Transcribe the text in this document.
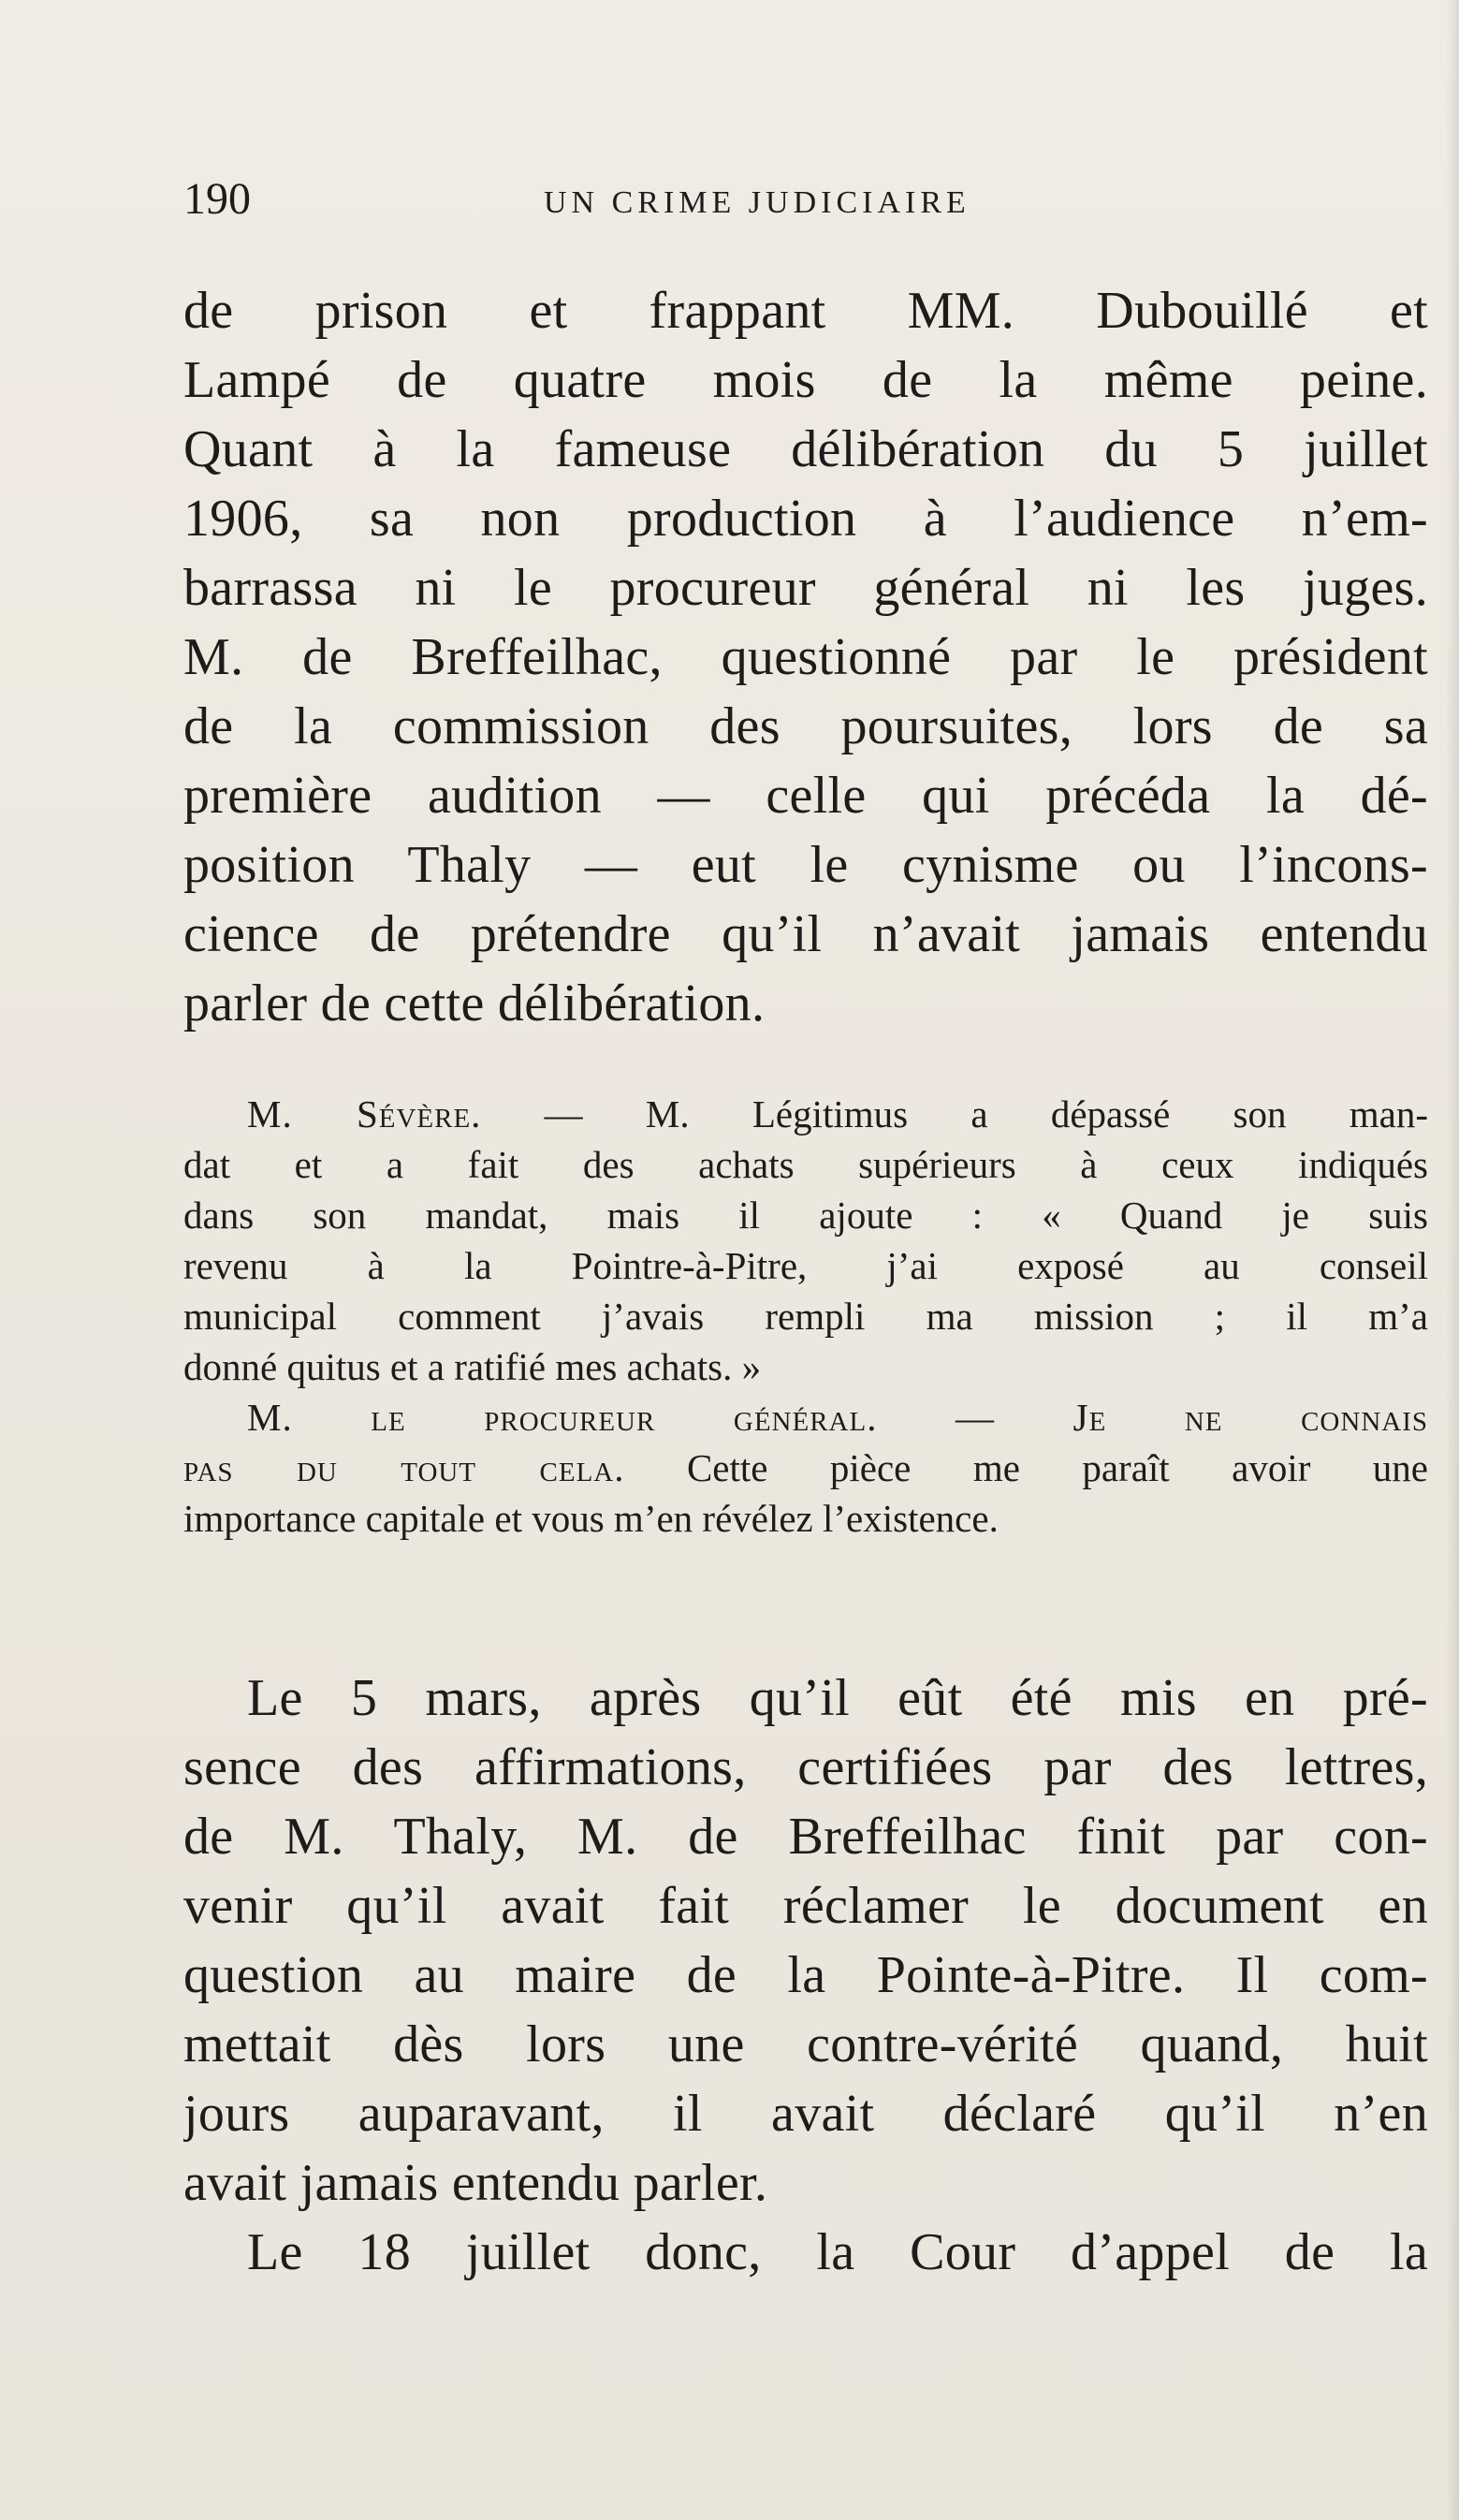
190	UN CRIME JUDICIAIRE
de prison et frappant MM. Dubouillé et
Lampé de quatre mois de la même peine.
Quant à la fameuse délibération du 5 juillet
1906, sa non production à l’audience n’em-
barrassa ni le procureur général ni les juges.
M. de Breffeilhac, questionné par le président
de la commission des poursuites, lors de sa
première audition — celle qui précéda la dé-
position Thaly — eut le cynisme ou l’incons-
cience de prétendre qu’il n’avait jamais entendu
parler de cette délibération.
M. Sévère. — M. Légitimus a dépassé son man-
dat et a fait des achats supérieurs à ceux indiqués
dans son mandat, mais il ajoute : « Quand je suis
revenu à la Pointre-à-Pitre, j’ai exposé au conseil
municipal comment j’avais rempli ma mission ; il m’a
donné quitus et a ratifié mes achats. »
M. le procureur général. — Je ne connais
pas du tout cela. Cette pièce me paraît avoir une
importance capitale et vous m’en révélez l’existence.
Le 5 mars, après qu’il eût été mis en pré-
sence des affirmations, certifiées par des lettres,
de M. Thaly, M. de Breffeilhac finit par con-
venir qu’il avait fait réclamer le document en
question au maire de la Pointe-à-Pitre. Il com-
mettait dès lors une contre-vérité quand, huit
jours auparavant, il avait déclaré qu’il n’en
avait jamais entendu parler.
Le 18 juillet donc, la Cour d’appel de la
